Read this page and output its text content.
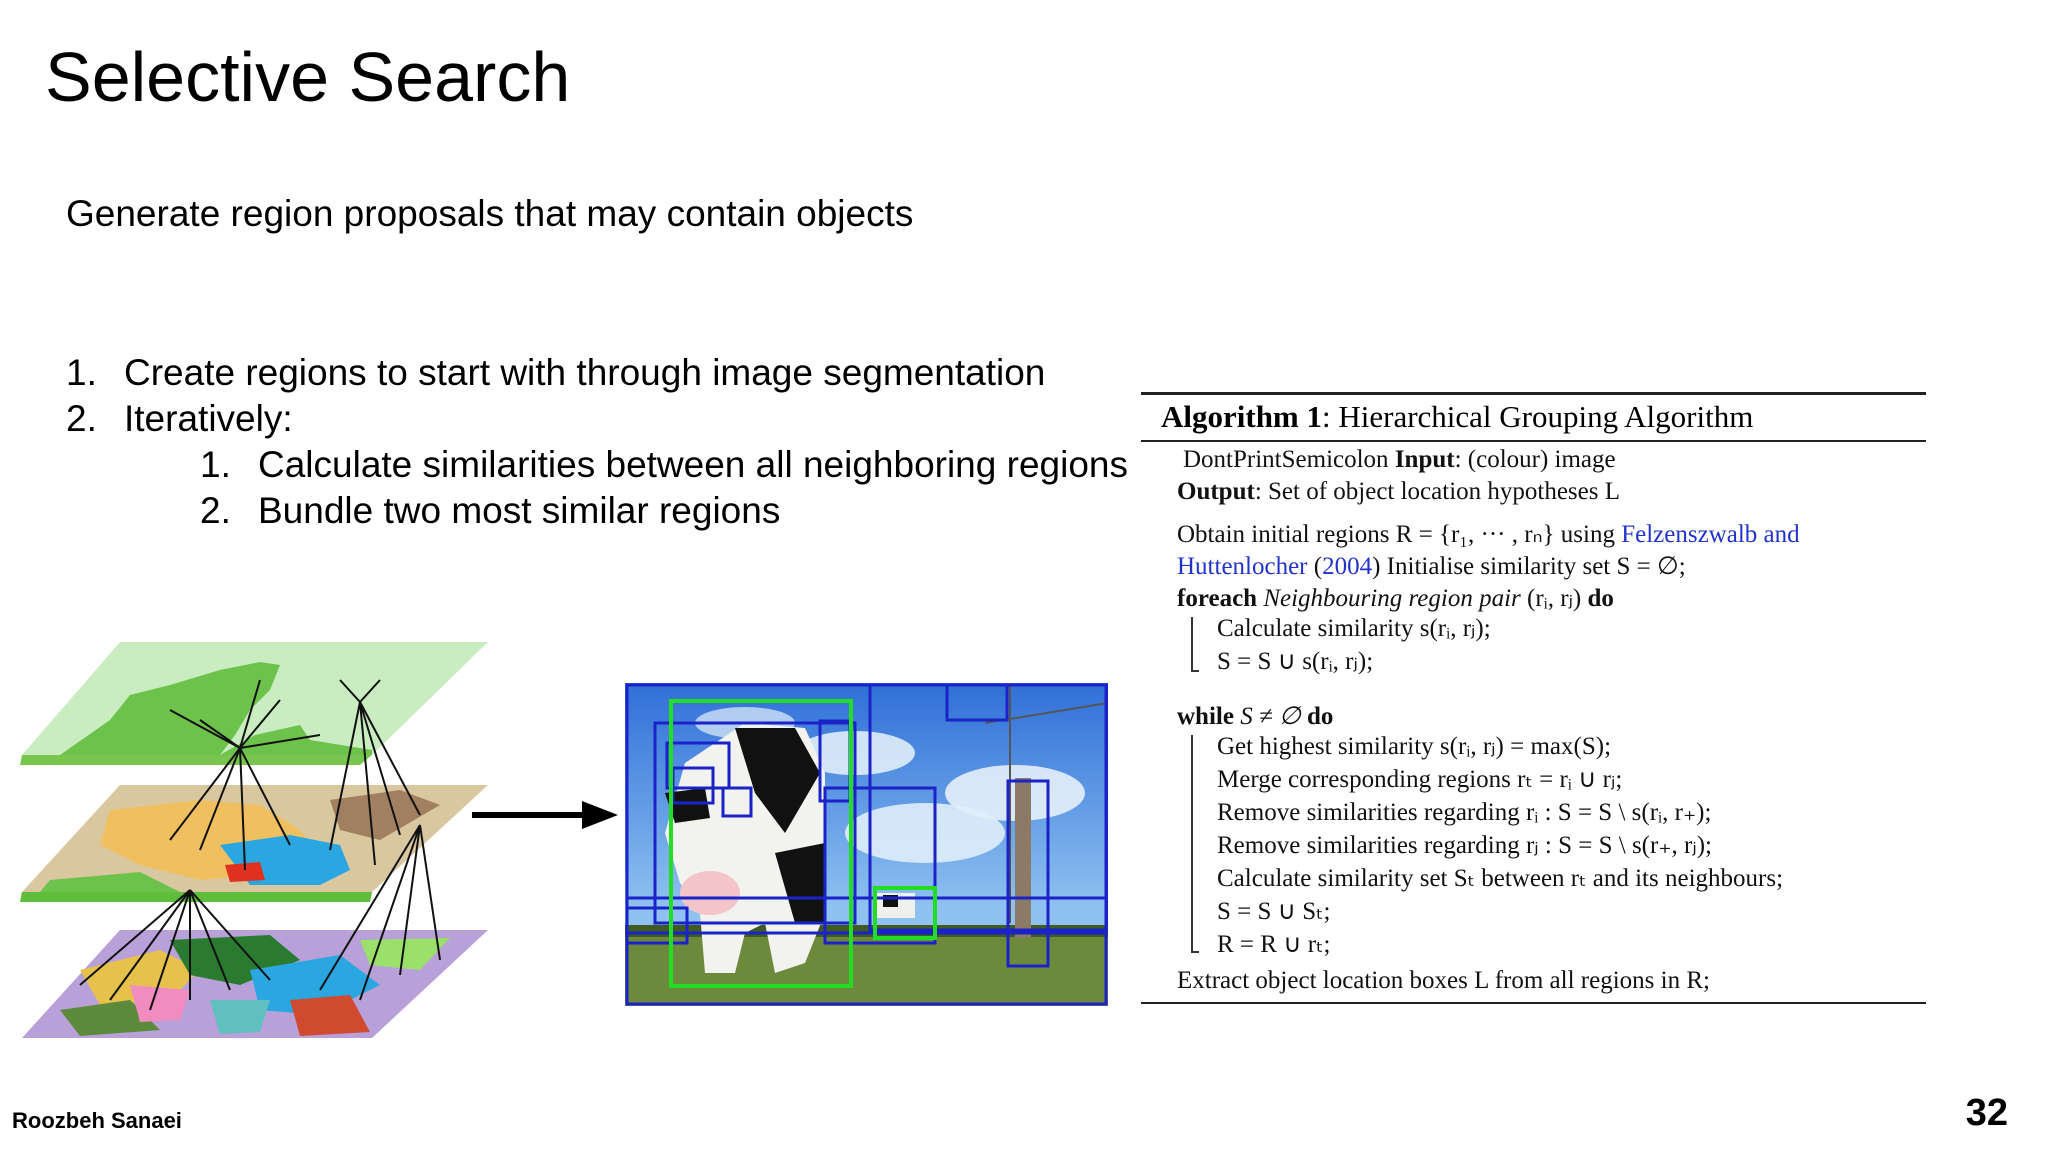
Selective Search
Generate region proposals that may contain objects
1. Create regions to start with through image segmentation
2. Iteratively:
1. Calculate similarities between all neighboring regions
2. Bundle two most similar regions
Algorithm 1: Hierarchical Grouping Algorithm
DontPrintSemicolon Input: (colour) image
Output: Set of object location hypotheses L
Obtain initial regions R = {r₁, ··· , rₙ} using Felzenszwalb and
Huttenlocher (2004) Initialise similarity set S = ∅;
foreach Neighbouring region pair (rᵢ, rⱼ) do
Calculate similarity s(rᵢ, rⱼ);
S = S ∪ s(rᵢ, rⱼ);
while S ≠ ∅ do
Get highest similarity s(rᵢ, rⱼ) = max(S);
Merge corresponding regions rₜ = rᵢ ∪ rⱼ;
Remove similarities regarding rᵢ : S = S \ s(rᵢ, r₊);
Remove similarities regarding rⱼ : S = S \ s(r₊, rⱼ);
Calculate similarity set Sₜ between rₜ and its neighbours;
S = S ∪ Sₜ;
R = R ∪ rₜ;
Extract object location boxes L from all regions in R;
Roozbeh Sanaei	32
